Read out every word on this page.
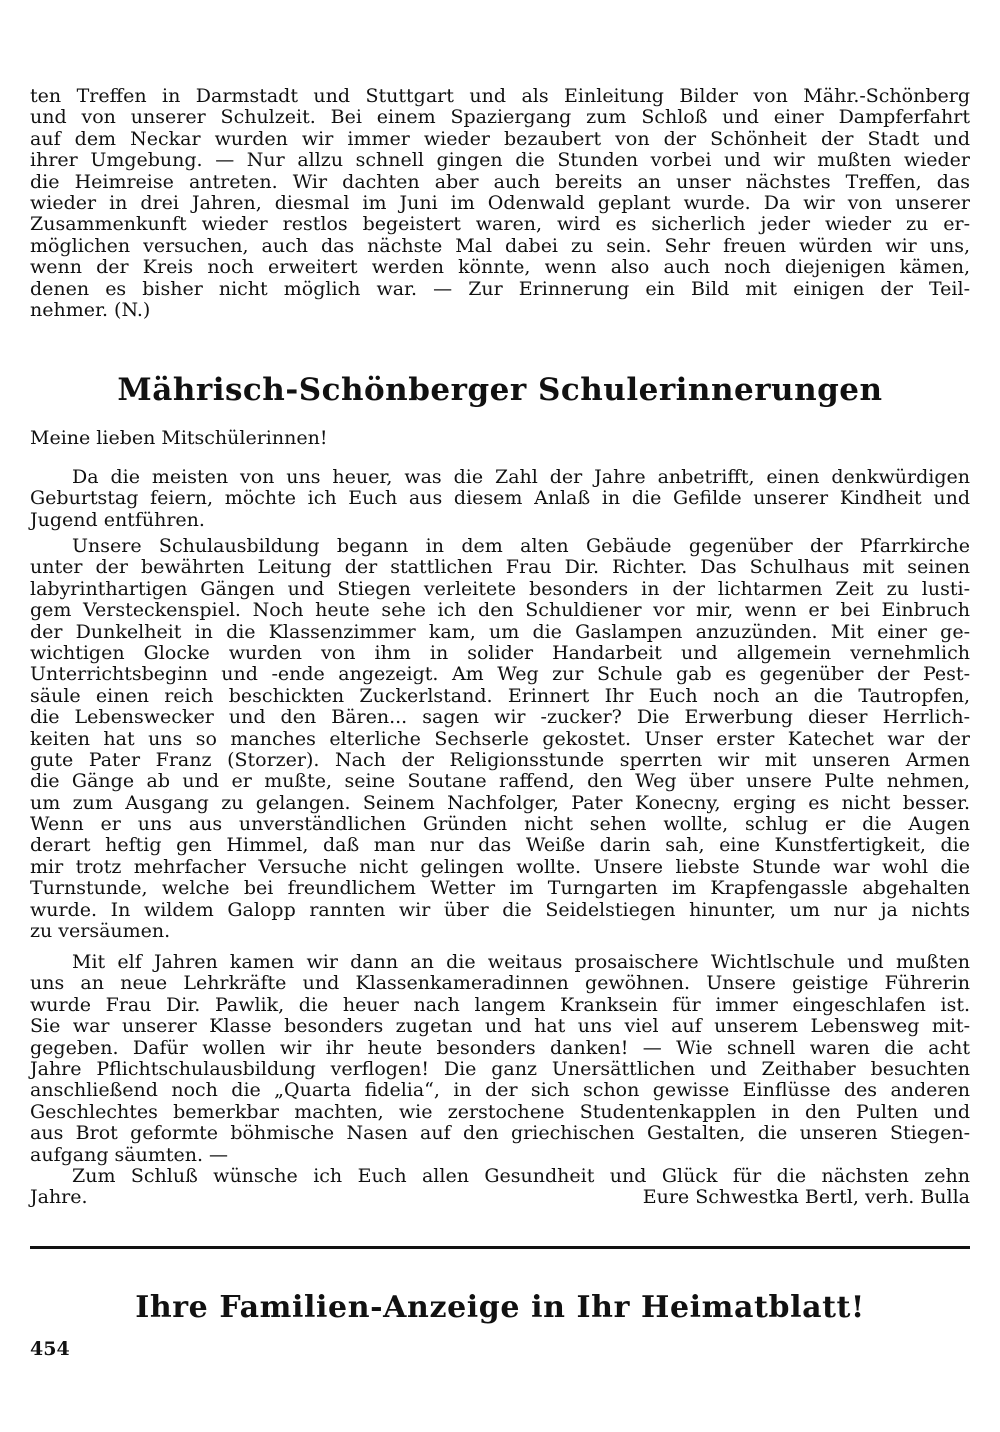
ten Treffen in Darmstadt und Stuttgart und als Einleitung Bilder von Mähr.-Schönberg
und von unserer Schulzeit. Bei einem Spaziergang zum Schloß und einer Dampferfahrt
auf dem Neckar wurden wir immer wieder bezaubert von der Schönheit der Stadt und
ihrer Umgebung. — Nur allzu schnell gingen die Stunden vorbei und wir mußten wieder
die Heimreise antreten. Wir dachten aber auch bereits an unser nächstes Treffen, das
wieder in drei Jahren, diesmal im Juni im Odenwald geplant wurde. Da wir von unserer
Zusammenkunft wieder restlos begeistert waren, wird es sicherlich jeder wieder zu er-
möglichen versuchen, auch das nächste Mal dabei zu sein. Sehr freuen würden wir uns,
wenn der Kreis noch erweitert werden könnte, wenn also auch noch diejenigen kämen,
denen es bisher nicht möglich war. — Zur Erinnerung ein Bild mit einigen der Teil-
nehmer. (N.)
Mährisch-Schönberger Schulerinnerungen
Meine lieben Mitschülerinnen!
Da die meisten von uns heuer, was die Zahl der Jahre anbetrifft, einen denkwürdigen
Geburtstag feiern, möchte ich Euch aus diesem Anlaß in die Gefilde unserer Kindheit und
Jugend entführen.
Unsere Schulausbildung begann in dem alten Gebäude gegenüber der Pfarrkirche
unter der bewährten Leitung der stattlichen Frau Dir. Richter. Das Schulhaus mit seinen
labyrinthartigen Gängen und Stiegen verleitete besonders in der lichtarmen Zeit zu lusti-
gem Versteckenspiel. Noch heute sehe ich den Schuldiener vor mir, wenn er bei Einbruch
der Dunkelheit in die Klassenzimmer kam, um die Gaslampen anzuzünden. Mit einer ge-
wichtigen Glocke wurden von ihm in solider Handarbeit und allgemein vernehmlich
Unterrichtsbeginn und -ende angezeigt. Am Weg zur Schule gab es gegenüber der Pest-
säule einen reich beschickten Zuckerlstand. Erinnert Ihr Euch noch an die Tautropfen,
die Lebenswecker und den Bären... sagen wir -zucker? Die Erwerbung dieser Herrlich-
keiten hat uns so manches elterliche Sechserle gekostet. Unser erster Katechet war der
gute Pater Franz (Storzer). Nach der Religionsstunde sperrten wir mit unseren Armen
die Gänge ab und er mußte, seine Soutane raffend, den Weg über unsere Pulte nehmen,
um zum Ausgang zu gelangen. Seinem Nachfolger, Pater Konecny, erging es nicht besser.
Wenn er uns aus unverständlichen Gründen nicht sehen wollte, schlug er die Augen
derart heftig gen Himmel, daß man nur das Weiße darin sah, eine Kunstfertigkeit, die
mir trotz mehrfacher Versuche nicht gelingen wollte. Unsere liebste Stunde war wohl die
Turnstunde, welche bei freundlichem Wetter im Turngarten im Krapfengassle abgehalten
wurde. In wildem Galopp rannten wir über die Seidelstiegen hinunter, um nur ja nichts
zu versäumen.
Mit elf Jahren kamen wir dann an die weitaus prosaischere Wichtlschule und mußten
uns an neue Lehrkräfte und Klassenkameradinnen gewöhnen. Unsere geistige Führerin
wurde Frau Dir. Pawlik, die heuer nach langem Kranksein für immer eingeschlafen ist.
Sie war unserer Klasse besonders zugetan und hat uns viel auf unserem Lebensweg mit-
gegeben. Dafür wollen wir ihr heute besonders danken! — Wie schnell waren die acht
Jahre Pflichtschulausbildung verflogen! Die ganz Unersättlichen und Zeithaber besuchten
anschließend noch die „Quarta fidelia“, in der sich schon gewisse Einflüsse des anderen
Geschlechtes bemerkbar machten, wie zerstochene Studentenkapplen in den Pulten und
aus Brot geformte böhmische Nasen auf den griechischen Gestalten, die unseren Stiegen-
aufgang säumten. —
Zum Schluß wünsche ich Euch allen Gesundheit und Glück für die nächsten zehn
Jahre.	Eure Schwestka Bertl, verh. Bulla
Ihre Familien-Anzeige in Ihr Heimatblatt!
454
